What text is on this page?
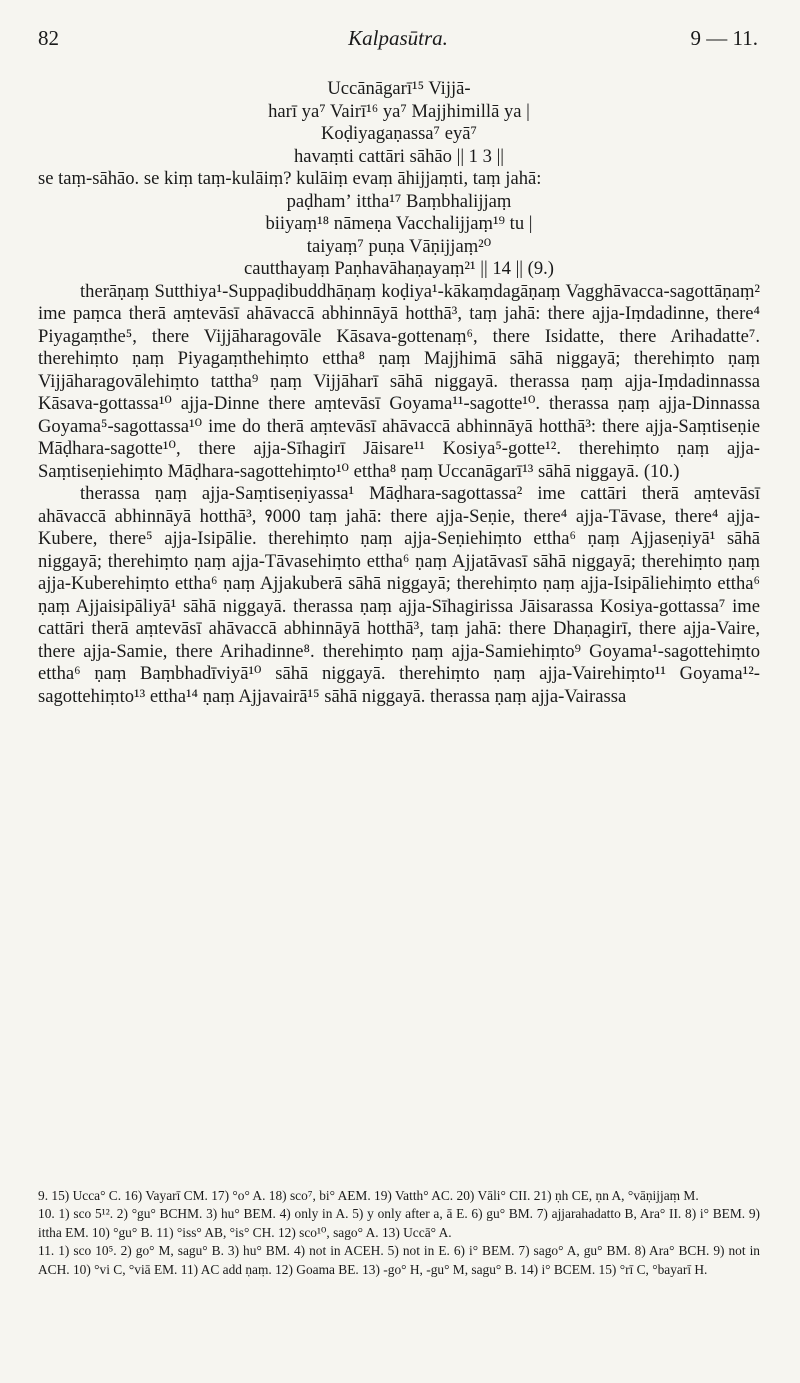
82	Kalpasūtra.	9 — 11.

Uccānāgarī¹⁵ Vijjā-

harī ya⁷ Vairī¹⁶ ya⁷ Majjhimillā ya |

Koḍiyagaṇassa⁷ eyā⁷

havaṃti cattāri sāhāo || 1 3 ||

se taṃ-sāhāo. se kiṃ taṃ-kulāiṃ? kulāiṃ evaṃ āhijjaṃti, taṃ jahā:

paḍhamʼ ittha¹⁷ Baṃbhalijjaṃ

biiyaṃ¹⁸ nāmeṇa Vacchalijjaṃ¹⁹ tu |

taiyaṃ⁷ puṇa Vāṇijjaṃ²⁰

cautthayaṃ Paṇhavāhaṇayaṃ²¹ || 14 || (9.)

therāṇaṃ Sutthiya¹-Suppaḍibuddhāṇaṃ koḍiya¹-kākaṃdagāṇaṃ Vagghāvacca-sagottāṇaṃ² ime paṃca therā aṃtevāsī ahāvaccā abhinnāyā hotthā³, taṃ jahā: there ajja-Iṃdadinne, there⁴ Piyagaṃthe⁵, there Vijjāharagovāle Kāsava-gottenaṃ⁶, there Isidatte, there Arihadatte⁷. therehiṃto ṇaṃ Piyagaṃthehiṃto ettha⁸ ṇaṃ Majjhimā sāhā niggayā; therehiṃto ṇaṃ Vijjāharagovālehiṃto tattha⁹ ṇaṃ Vijjāharī sāhā niggayā. therassa ṇaṃ ajja-Iṃdadinnassa Kāsava-gottassa¹⁰ ajja-Dinne there aṃtevāsī Goyama¹¹-sagotte¹⁰. therassa ṇaṃ ajja-Dinnassa Goyama⁵-sagottassa¹⁰ ime do therā aṃtevāsī ahāvaccā abhinnāyā hotthā³: there ajja-Saṃtiseṇie Māḍhara-sagotte¹⁰, there ajja-Sīhagirī Jāisare¹¹ Kosiya⁵-gotte¹². therehiṃto ṇaṃ ajja-Saṃtiseṇiehiṃto Māḍhara-sagottehiṃto¹⁰ ettha⁸ ṇaṃ Uccanāgarī¹³ sāhā niggayā. (10.)

therassa ṇaṃ ajja-Saṃtiseṇiyassa¹ Māḍhara-sagottassa² ime cattāri therā aṃtevāsī ahāvaccā abhinnāyā hotthā³, ꣑000 taṃ jahā: there ajja-Seṇie, there⁴ ajja-Tāvase, there⁴ ajja-Kubere, there⁵ ajja-Isipālie. therehiṃto ṇaṃ ajja-Seṇiehiṃto ettha⁶ ṇaṃ Ajjaseṇiyā¹ sāhā niggayā; therehiṃto ṇaṃ ajja-Tāvasehiṃto ettha⁶ ṇaṃ Ajjatāvasī sāhā niggayā; therehiṃto ṇaṃ ajja-Kuberehiṃto ettha⁶ ṇaṃ Ajjakuberā sāhā niggayā; therehiṃto ṇaṃ ajja-Isipāliehiṃto ettha⁶ ṇaṃ Ajjaisipāliyā¹ sāhā niggayā. therassa ṇaṃ ajja-Sīhagirissa Jāisarassa Kosiya-gottassa⁷ ime cattāri therā aṃtevāsī ahāvaccā abhinnāyā hotthā³, taṃ jahā: there Dhaṇagirī, there ajja-Vaire, there ajja-Samie, there Arihadinne⁸. therehiṃto ṇaṃ ajja-Samiehiṃto⁹ Goyama¹-sagottehiṃto ettha⁶ ṇaṃ Baṃbhadīviyā¹⁰ sāhā niggayā. therehiṃto ṇaṃ ajja-Vairehiṃto¹¹ Goyama¹²-sagottehiṃto¹³ ettha¹⁴ ṇaṃ Ajjavairā¹⁵ sāhā niggayā. therassa ṇaṃ ajja-Vairassa

9. 15) Ucca° C. 16) Vayarī CM. 17) °o° A. 18) sco⁷, bi° AEM. 19) Vatth° AC. 20) Vāli° CII. 21) ṇh CE, ṇn A, °vāṇijjaṃ M.

10. 1) sco 5¹². 2) °gu° BCHM. 3) hu° BEM. 4) only in A. 5) y only after a, ā E. 6) gu° BM. 7) ajjarahadatto B, Ara° II. 8) i° BEM. 9) ittha EM. 10) °gu° B. 11) °iss° AB, °is° CH. 12) sco¹⁰, sago° A. 13) Uccā° A.

11. 1) sco 10⁵. 2) go° M, sagu° B. 3) hu° BM. 4) not in ACEH. 5) not in E. 6) i° BEM. 7) sago° A, gu° BM. 8) Ara° BCH. 9) not in ACH. 10) °vi C, °viā EM. 11) AC add ṇaṃ. 12) Goama BE. 13) -go° H, -gu° M, sagu° B. 14) i° BCEM. 15) °rī C, °bayarī H.
